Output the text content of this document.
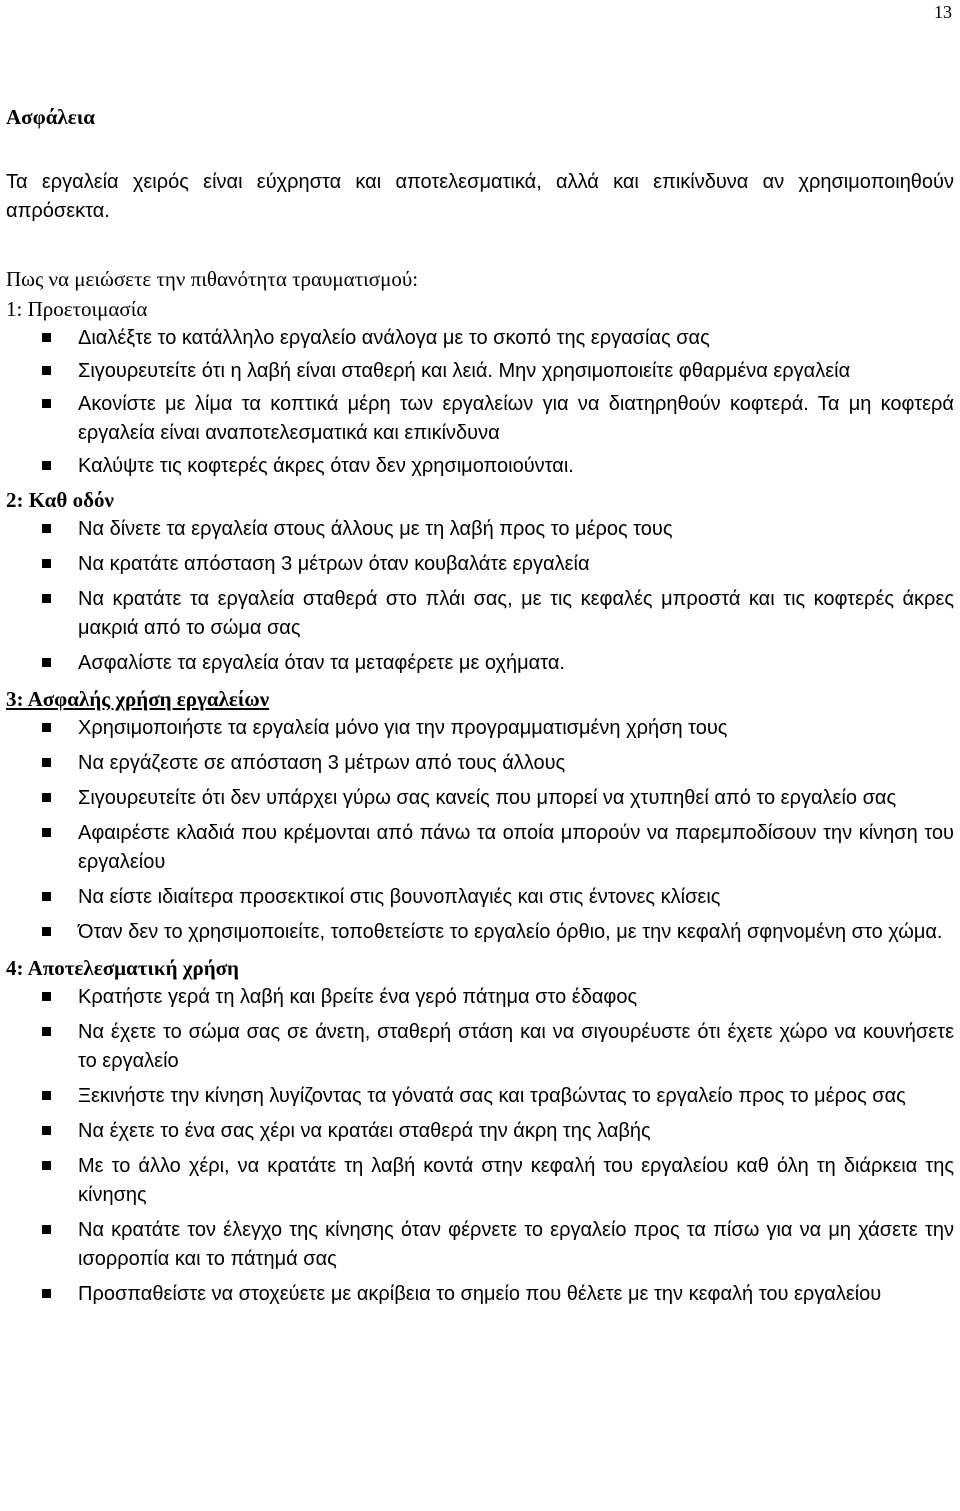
13
Ασφάλεια

Τα εργαλεία χειρός είναι εύχρηστα και αποτελεσματικά, αλλά και επικίνδυνα αν χρησιμοποιηθούν απρόσεκτα.

Πως να μειώσετε την πιθανότητα τραυματισμού:

1: Προετοιμασία

Διαλέξτε το κατάλληλο εργαλείο ανάλογα με το σκοπό της εργασίας σας
Σιγουρευτείτε ότι η λαβή είναι σταθερή και λειά. Μην χρησιμοποιείτε φθαρμένα εργαλεία
Ακονίστε με λίμα τα κοπτικά μέρη των εργαλείων για να διατηρηθούν κοφτερά. Τα μη κοφτερά εργαλεία είναι αναποτελεσματικά και επικίνδυνα
Καλύψτε τις κοφτερές άκρες όταν δεν χρησιμοποιούνται.

2: Καθ οδόν

Να δίνετε τα εργαλεία στους άλλους με τη λαβή προς το μέρος τους
Να κρατάτε απόσταση 3 μέτρων όταν κουβαλάτε εργαλεία
Να κρατάτε τα εργαλεία σταθερά στο πλάι σας, με τις κεφαλές μπροστά και τις κοφτερές άκρες μακριά από το σώμα σας
Ασφαλίστε τα εργαλεία όταν τα μεταφέρετε με οχήματα.

3: Ασφαλής χρήση εργαλείων

Χρησιμοποιήστε τα εργαλεία μόνο για την προγραμματισμένη χρήση τους
Να εργάζεστε σε απόσταση 3 μέτρων από τους άλλους
Σιγουρευτείτε ότι δεν υπάρχει γύρω σας κανείς που μπορεί να χτυπηθεί από το εργαλείο σας
Αφαιρέστε κλαδιά που κρέμονται από πάνω τα οποία μπορούν να παρεμποδίσουν την κίνηση του εργαλείου
Να είστε ιδιαίτερα προσεκτικοί στις βουνοπλαγιές και στις έντονες κλίσεις
Όταν δεν το χρησιμοποιείτε, τοποθετείστε το εργαλείο όρθιο, με την κεφαλή σφηνομένη στο χώμα.

4: Αποτελεσματική χρήση

Κρατήστε γερά τη λαβή και βρείτε ένα γερό πάτημα στο έδαφος
Να έχετε το σώμα σας σε άνετη, σταθερή στάση και να σιγουρέυστε ότι έχετε χώρο να κουνήσετε το εργαλείο
Ξεκινήστε την κίνηση λυγίζοντας τα γόνατά σας και τραβώντας το εργαλείο προς το μέρος σας
Να έχετε το ένα σας χέρι να κρατάει σταθερά την άκρη της λαβής
Με το άλλο χέρι, να κρατάτε τη λαβή κοντά στην κεφαλή του εργαλείου καθ όλη τη διάρκεια της κίνησης
Να κρατάτε τον έλεγχο της κίνησης όταν φέρνετε το εργαλείο προς τα πίσω για να μη χάσετε την ισορροπία και το πάτημά σας
Προσπαθείστε να στοχεύετε με ακρίβεια το σημείο που θέλετε με την κεφαλή του εργαλείου
